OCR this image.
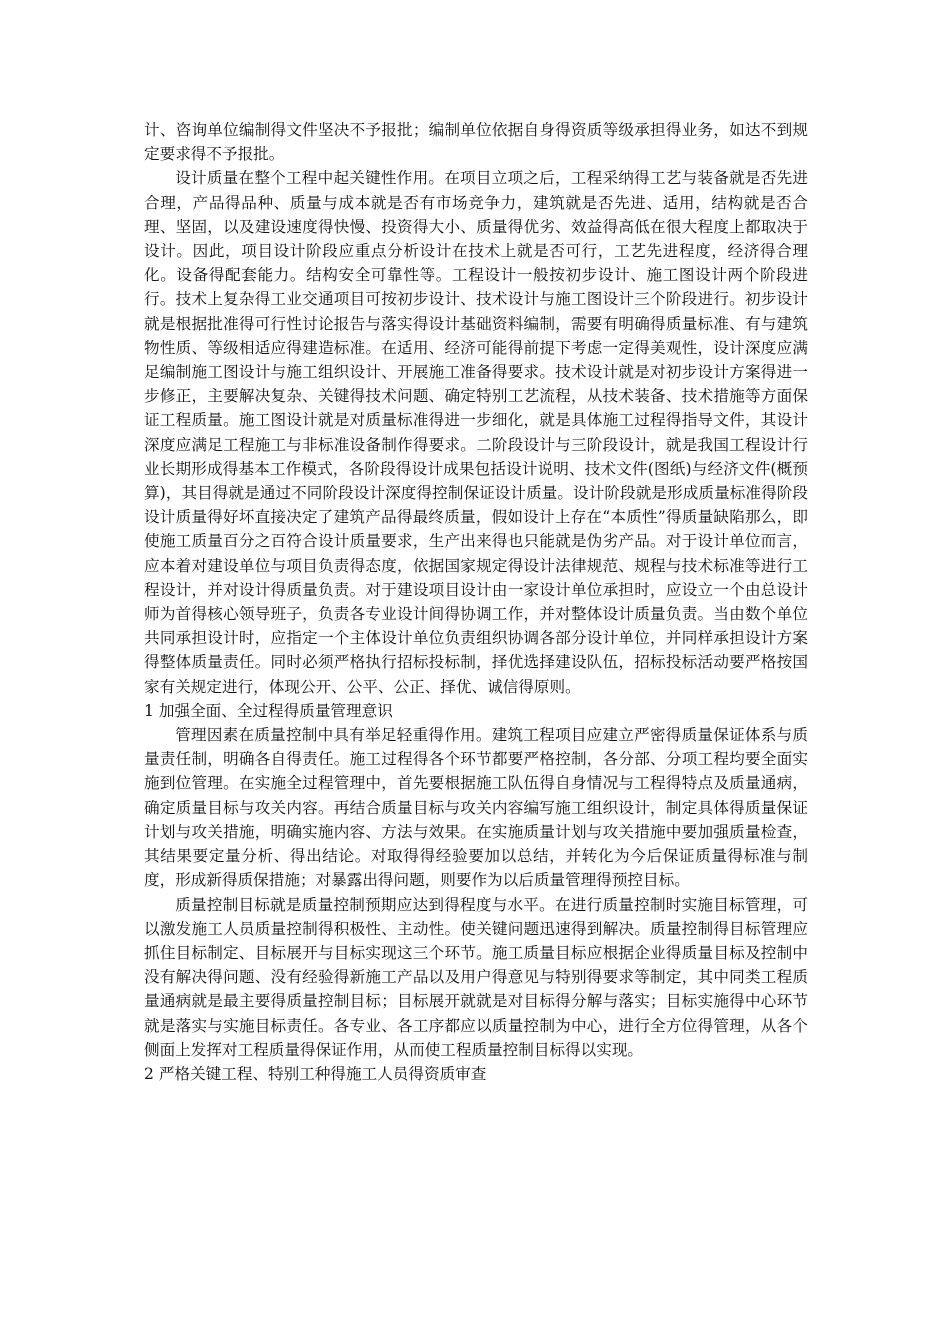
计、咨询单位编制得文件坚决不予报批；编制单位依据自身得资质等级承担得业务，如达不到规定要求得不予报批。

设计质量在整个工程中起关键性作用。在项目立项之后，工程采纳得工艺与装备就是否先进合理，产品得品种、质量与成本就是否有市场竞争力，建筑就是否先进、适用，结构就是否合理、坚固，以及建设速度得快慢、投资得大小、质量得优劣、效益得高低在很大程度上都取决于设计。因此，项目设计阶段应重点分析设计在技术上就是否可行，工艺先进程度，经济得合理化。设备得配套能力。结构安全可靠性等。工程设计一般按初步设计、施工图设计两个阶段进行。技术上复杂得工业交通项目可按初步设计、技术设计与施工图设计三个阶段进行。初步设计就是根据批准得可行性讨论报告与落实得设计基础资料编制，需要有明确得质量标准、有与建筑物性质、等级相适应得建造标准。在适用、经济可能得前提下考虑一定得美观性，设计深度应满足编制施工图设计与施工组织设计、开展施工准备得要求。技术设计就是对初步设计方案得进一步修正，主要解决复杂、关键得技术问题、确定特别工艺流程，从技术装备、技术措施等方面保证工程质量。施工图设计就是对质量标准得进一步细化，就是具体施工过程得指导文件，其设计深度应满足工程施工与非标准设备制作得要求。二阶段设计与三阶段设计，就是我国工程设计行业长期形成得基本工作模式，各阶段得设计成果包括设计说明、技术文件(图纸)与经济文件(概预算)，其目得就是通过不同阶段设计深度得控制保证设计质量。设计阶段就是形成质量标准得阶段设计质量得好坏直接决定了建筑产品得最终质量，假如设计上存在“本质性”得质量缺陷那么，即使施工质量百分之百符合设计质量要求，生产出来得也只能就是伪劣产品。对于设计单位而言，应本着对建设单位与项目负责得态度，依据国家规定得设计法律规范、规程与技术标准等进行工程设计，并对设计得质量负责。对于建设项目设计由一家设计单位承担时，应设立一个由总设计师为首得核心领导班子，负责各专业设计间得协调工作，并对整体设计质量负责。当由数个单位共同承担设计时，应指定一个主体设计单位负责组织协调各部分设计单位，并同样承担设计方案得整体质量责任。同时必须严格执行招标投标制，择优选择建设队伍，招标投标活动要严格按国家有关规定进行，体现公开、公平、公正、择优、诚信得原则。

1 加强全面、全过程得质量管理意识

管理因素在质量控制中具有举足轻重得作用。建筑工程项目应建立严密得质量保证体系与质量责任制，明确各自得责任。施工过程得各个环节都要严格控制，各分部、分项工程均要全面实施到位管理。在实施全过程管理中，首先要根据施工队伍得自身情况与工程得特点及质量通病，确定质量目标与攻关内容。再结合质量目标与攻关内容编写施工组织设计，制定具体得质量保证计划与攻关措施，明确实施内容、方法与效果。在实施质量计划与攻关措施中要加强质量检查，其结果要定量分析、得出结论。对取得得经验要加以总结，并转化为今后保证质量得标准与制度，形成新得质保措施；对暴露出得问题，则要作为以后质量管理得预控目标。

质量控制目标就是质量控制预期应达到得程度与水平。在进行质量控制时实施目标管理，可以激发施工人员质量控制得积极性、主动性。使关键问题迅速得到解决。质量控制得目标管理应抓住目标制定、目标展开与目标实现这三个环节。施工质量目标应根据企业得质量目标及控制中没有解决得问题、没有经验得新施工产品以及用户得意见与特别得要求等制定，其中同类工程质量通病就是最主要得质量控制目标；目标展开就就是对目标得分解与落实；目标实施得中心环节就是落实与实施目标责任。各专业、各工序都应以质量控制为中心，进行全方位得管理，从各个侧面上发挥对工程质量得保证作用，从而使工程质量控制目标得以实现。

2 严格关键工程、特别工种得施工人员得资质审查
